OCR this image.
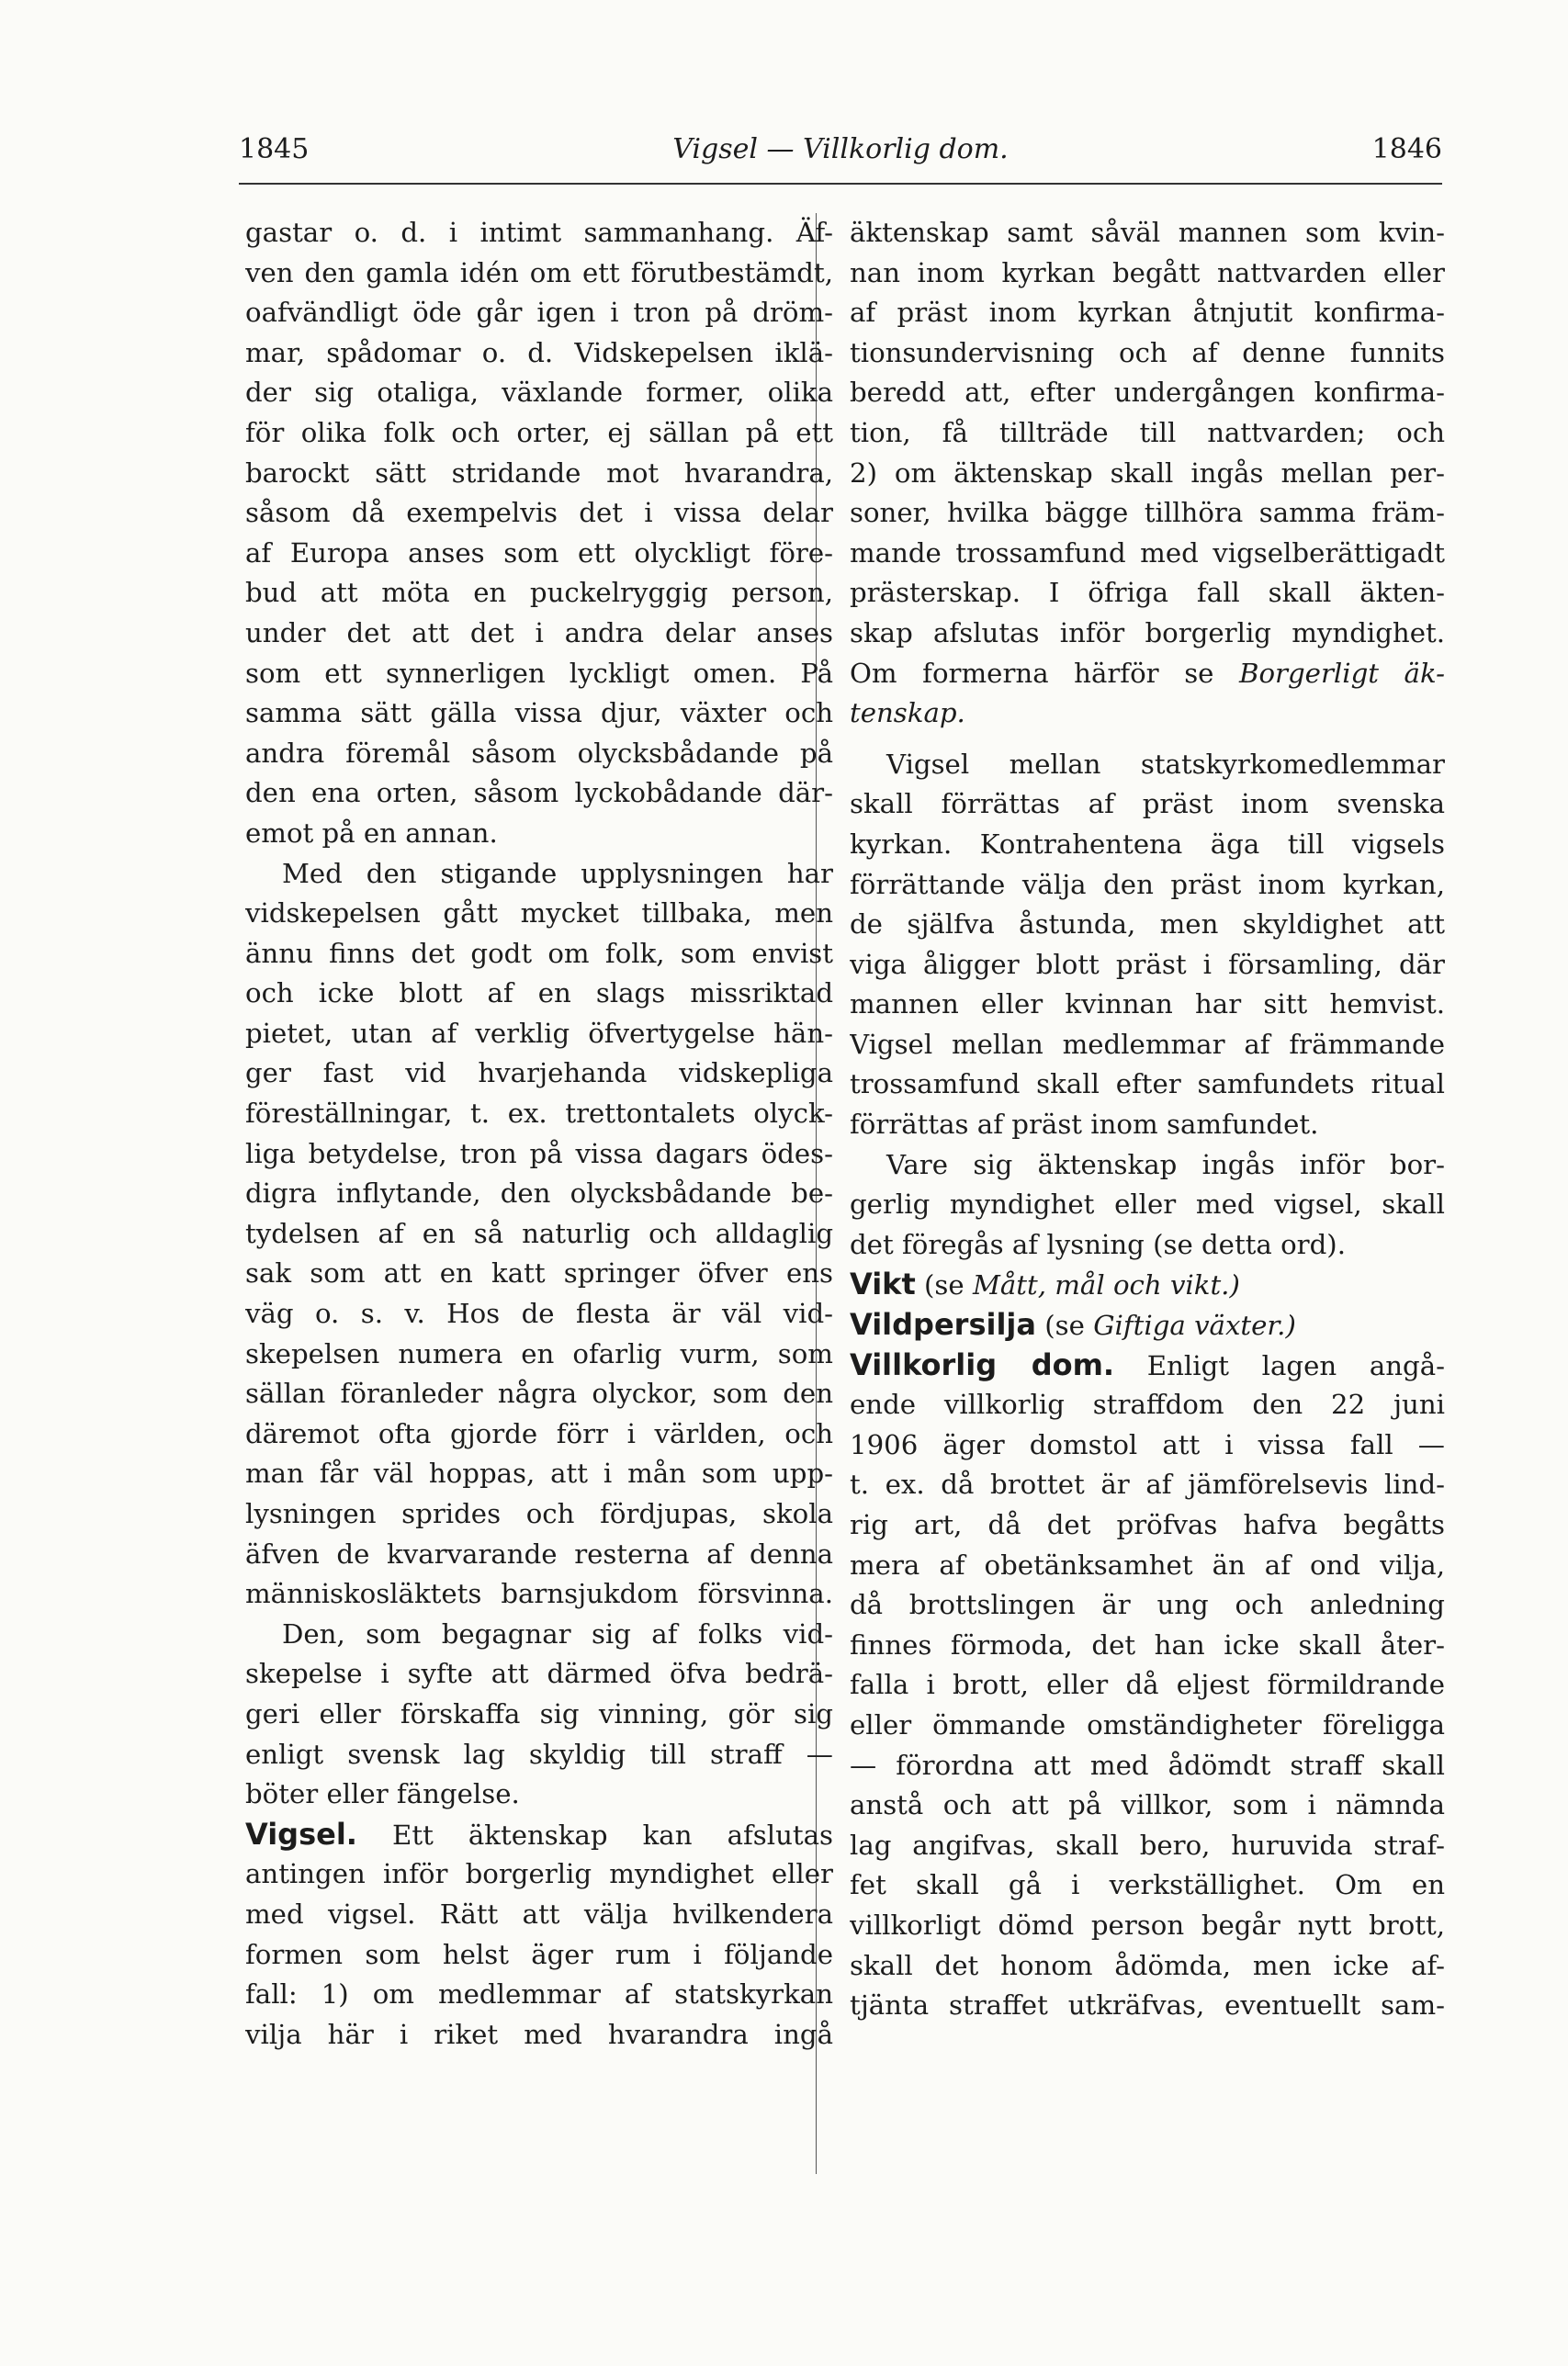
1845	Vigsel — Villkorlig dom.	1846
gastar o. d. i intimt sammanhang. Äf-
ven den gamla idén om ett förutbestämdt,
oafvändligt öde går igen i tron på dröm-
mar, spådomar o. d. Vidskepelsen iklä-
der sig otaliga, växlande former, olika
för olika folk och orter, ej sällan på ett
barockt sätt stridande mot hvarandra,
såsom då exempelvis det i vissa delar
af Europa anses som ett olyckligt före-
bud att möta en puckelryggig person,
under det att det i andra delar anses
som ett synnerligen lyckligt omen. På
samma sätt gälla vissa djur, växter och
andra föremål såsom olycksbådande på
den ena orten, såsom lyckobådande där-
emot på en annan.
Med den stigande upplysningen har
vidskepelsen gått mycket tillbaka, men
ännu finns det godt om folk, som envist
och icke blott af en slags missriktad
pietet, utan af verklig öfvertygelse hän-
ger fast vid hvarjehanda vidskepliga
föreställningar, t. ex. trettontalets olyck-
liga betydelse, tron på vissa dagars ödes-
digra inflytande, den olycksbådande be-
tydelsen af en så naturlig och alldaglig
sak som att en katt springer öfver ens
väg o. s. v. Hos de flesta är väl vid-
skepelsen numera en ofarlig vurm, som
sällan föranleder några olyckor, som den
däremot ofta gjorde förr i världen, och
man får väl hoppas, att i mån som upp-
lysningen sprides och fördjupas, skola
äfven de kvarvarande resterna af denna
människosläktets barnsjukdom försvinna.
Den, som begagnar sig af folks vid-
skepelse i syfte att därmed öfva bedrä-
geri eller förskaffa sig vinning, gör sig
enligt svensk lag skyldig till straff —
böter eller fängelse.
Vigsel. Ett äktenskap kan afslutas
antingen inför borgerlig myndighet eller
med vigsel. Rätt att välja hvilkendera
formen som helst äger rum i följande
fall: 1) om medlemmar af statskyrkan
vilja här i riket med hvarandra ingå
äktenskap samt såväl mannen som kvin-
nan inom kyrkan begått nattvarden eller
af präst inom kyrkan åtnjutit konfirma-
tionsundervisning och af denne funnits
beredd att, efter undergången konfirma-
tion, få tillträde till nattvarden; och
2) om äktenskap skall ingås mellan per-
soner, hvilka bägge tillhöra samma främ-
mande trossamfund med vigselberättigadt
prästerskap. I öfriga fall skall äkten-
skap afslutas inför borgerlig myndighet.
Om formerna härför se Borgerligt äk-
tenskap.
Vigsel mellan statskyrkomedlemmar
skall förrättas af präst inom svenska
kyrkan. Kontrahentena äga till vigsels
förrättande välja den präst inom kyrkan,
de själfva åstunda, men skyldighet att
viga åligger blott präst i församling, där
mannen eller kvinnan har sitt hemvist.
Vigsel mellan medlemmar af främmande
trossamfund skall efter samfundets ritual
förrättas af präst inom samfundet.
Vare sig äktenskap ingås inför bor-
gerlig myndighet eller med vigsel, skall
det föregås af lysning (se detta ord).
Vikt (se Mått, mål och vikt.)
Vildpersilja (se Giftiga växter.)
Villkorlig dom. Enligt lagen angå-
ende villkorlig straffdom den 22 juni
1906 äger domstol att i vissa fall —
t. ex. då brottet är af jämförelsevis lind-
rig art, då det pröfvas hafva begåtts
mera af obetänksamhet än af ond vilja,
då brottslingen är ung och anledning
finnes förmoda, det han icke skall åter-
falla i brott, eller då eljest förmildrande
eller ömmande omständigheter föreligga
— förordna att med ådömdt straff skall
anstå och att på villkor, som i nämnda
lag angifvas, skall bero, huruvida straf-
fet skall gå i verkställighet. Om en
villkorligt dömd person begår nytt brott,
skall det honom ådömda, men icke af-
tjänta straffet utkräfvas, eventuellt sam-
